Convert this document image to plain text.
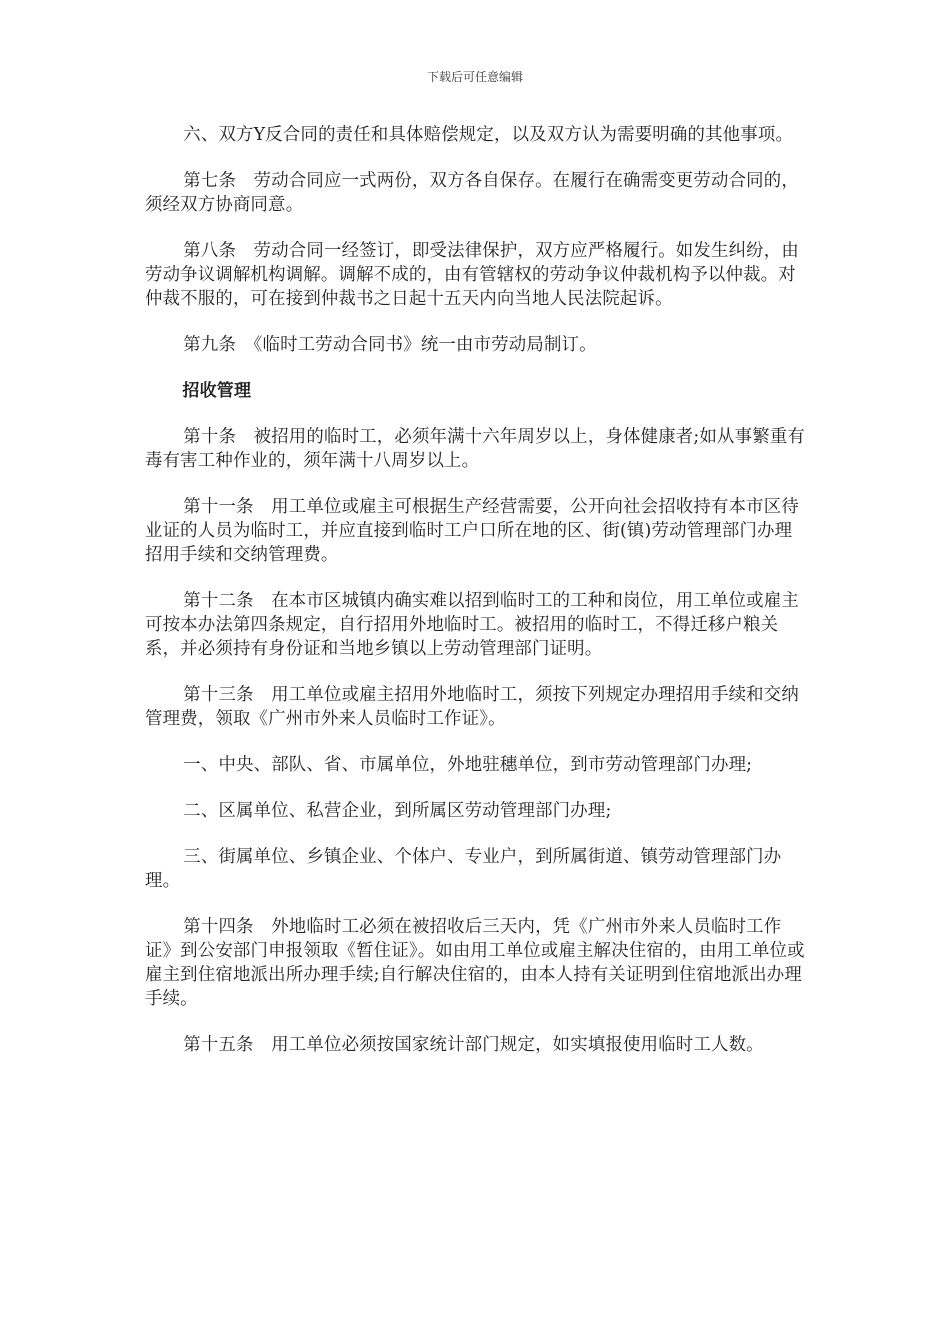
下载后可任意编辑

六、双方Y反合同的责任和具体赔偿规定，以及双方认为需要明确的其他事项。

第七条　劳动合同应一式两份，双方各自保存。在履行在确需变更劳动合同的，须经双方协商同意。

第八条　劳动合同一经签订，即受法律保护，双方应严格履行。如发生纠纷，由劳动争议调解机构调解。调解不成的，由有管辖权的劳动争议仲裁机构予以仲裁。对仲裁不服的，可在接到仲裁书之日起十五天内向当地人民法院起诉。

第九条　《临时工劳动合同书》统一由市劳动局制订。

招收管理

第十条　被招用的临时工，必须年满十六年周岁以上，身体健康者;如从事繁重有毒有害工种作业的，须年满十八周岁以上。

第十一条　用工单位或雇主可根据生产经营需要，公开向社会招收持有本市区待业证的人员为临时工，并应直接到临时工户口所在地的区、街(镇)劳动管理部门办理招用手续和交纳管理费。

第十二条　在本市区城镇内确实难以招到临时工的工种和岗位，用工单位或雇主可按本办法第四条规定，自行招用外地临时工。被招用的临时工，不得迁移户粮关系，并必须持有身份证和当地乡镇以上劳动管理部门证明。

第十三条　用工单位或雇主招用外地临时工，须按下列规定办理招用手续和交纳管理费，领取《广州市外来人员临时工作证》。

一、中央、部队、省、市属单位，外地驻穗单位，到市劳动管理部门办理;

二、区属单位、私营企业，到所属区劳动管理部门办理;

三、街属单位、乡镇企业、个体户、专业户，到所属街道、镇劳动管理部门办理。

第十四条　外地临时工必须在被招收后三天内，凭《广州市外来人员临时工作证》到公安部门申报领取《暂住证》。如由用工单位或雇主解决住宿的，由用工单位或雇主到住宿地派出所办理手续;自行解决住宿的，由本人持有关证明到住宿地派出办理手续。

第十五条　用工单位必须按国家统计部门规定，如实填报使用临时工人数。
